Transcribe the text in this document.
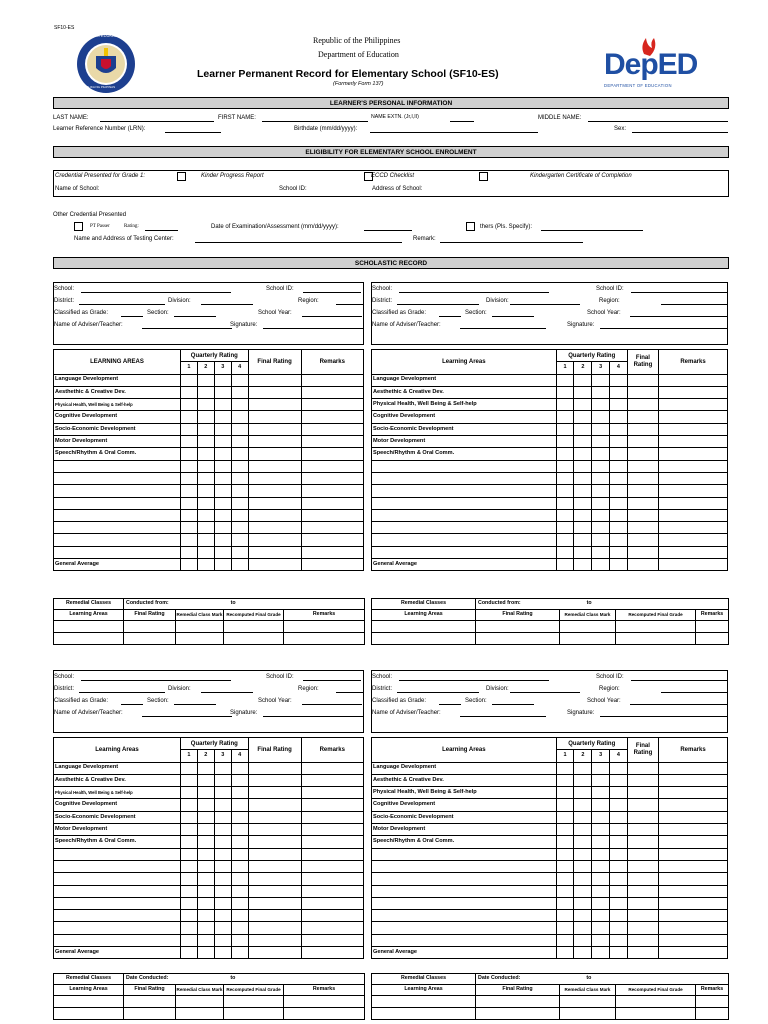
SF10-ES
KAGAWARAN NG EDUKASYON
REPUBLIKA NG PILIPINAS
Republic of the Philippines
Department of Education
Learner Permanent Record for Elementary School (SF10-ES)
(Formerly Form 137)
DepED
DEPARTMENT OF EDUCATION
LEARNER'S PERSONAL INFORMATION
LAST NAME:	FIRST NAME:	NAME EXTN. (Jr,I,II)	MIDDLE NAME:
Learner Reference Number (LRN):	Birthdate (mm/dd/yyyy):	Sex:
ELIGIBILITY FOR ELEMENTARY SCHOOL ENROLMENT
Credential Presented for Grade 1:	Kinder Progress Report	ECCD Checklist	Kindergarten Certificate of Completion
Name of School:	School ID:	Address of School:
Other Credential Presented
PT Passer	Rating:	Date of Examination/Assessment (mm/dd/yyyy):	thers (Pls. Specify):
Name and Address of Testing Center:	Remark:
SCHOLASTIC RECORD
School:	School ID:
District:	Division:	Region:
Classified as Grade:	Section:	School Year:
Name of Adviser/Teacher:	Signature:
LEARNING AREAS	Quarterly Rating				Final Rating	Remarks
	1	2	3	4		
Language Development						
Aesthethic & Creative Dev.						
Physical Health, Well Being & Self-help						
Cognitive Development						
Socio-Economic Development						
Motor Development						
Speech/Rhythm & Oral Comm.						

General Average						
Remedial Classes	Conducted from: to			
Learning Areas	Final Rating	Remedial Class Mark	Recomputed Final Grade	Remarks

School:	School ID:
District:	Division:	Region:
Classified as Grade:	Section:	School Year:
Name of Adviser/Teacher:	Signature:
Learning Areas	Quarterly Rating				Final
Rating	Remarks
	1	2	3	4		
Language Development						
Aesthethic & Creative Dev.						
Physical Health, Well Being & Self-help						
Cognitive Development						
Socio-Economic Development						
Motor Development						
Speech/Rhythm & Oral Comm.						

General Average						
Remedial Classes	Conducted from: to			
Learning Areas	Final Rating	Remedial Class Mark	Recomputed Final Grade	Remarks

School:	School ID:
District:	Division:	Region:
Classified as Grade:	Section:	School Year:
Name of Adviser/Teacher:	Signature:
Learning Areas	Quarterly Rating				Final Rating	Remarks
	1	2	3	4		
Language Development						
Aesthethic & Creative Dev.						
Physical Health, Well Being & Self-help						
Cognitive Development						
Socio-Economic Development						
Motor Development						
Speech/Rhythm & Oral Comm.						

General Average						
Remedial Classes	Date Conducted: to			
Learning Areas	Final Rating	Remedial Class Mark	Recomputed Final Grade	Remarks

School:	School ID:
District:	Division:	Region:
Classified as Grade:	Section:	School Year:
Name of Adviser/Teacher:	Signature:
Learning Areas	Quarterly Rating				Final
Rating	Remarks
	1	2	3	4		
Language Development						
Aesthethic & Creative Dev.						
Physical Health, Well Being & Self-help						
Cognitive Development						
Socio-Economic Development						
Motor Development						
Speech/Rhythm & Oral Comm.						

General Average						
Remedial Classes	Date Conducted: to			
Learning Areas	Final Rating	Remedial Class Mark	Recomputed Final Grade	Remarks
